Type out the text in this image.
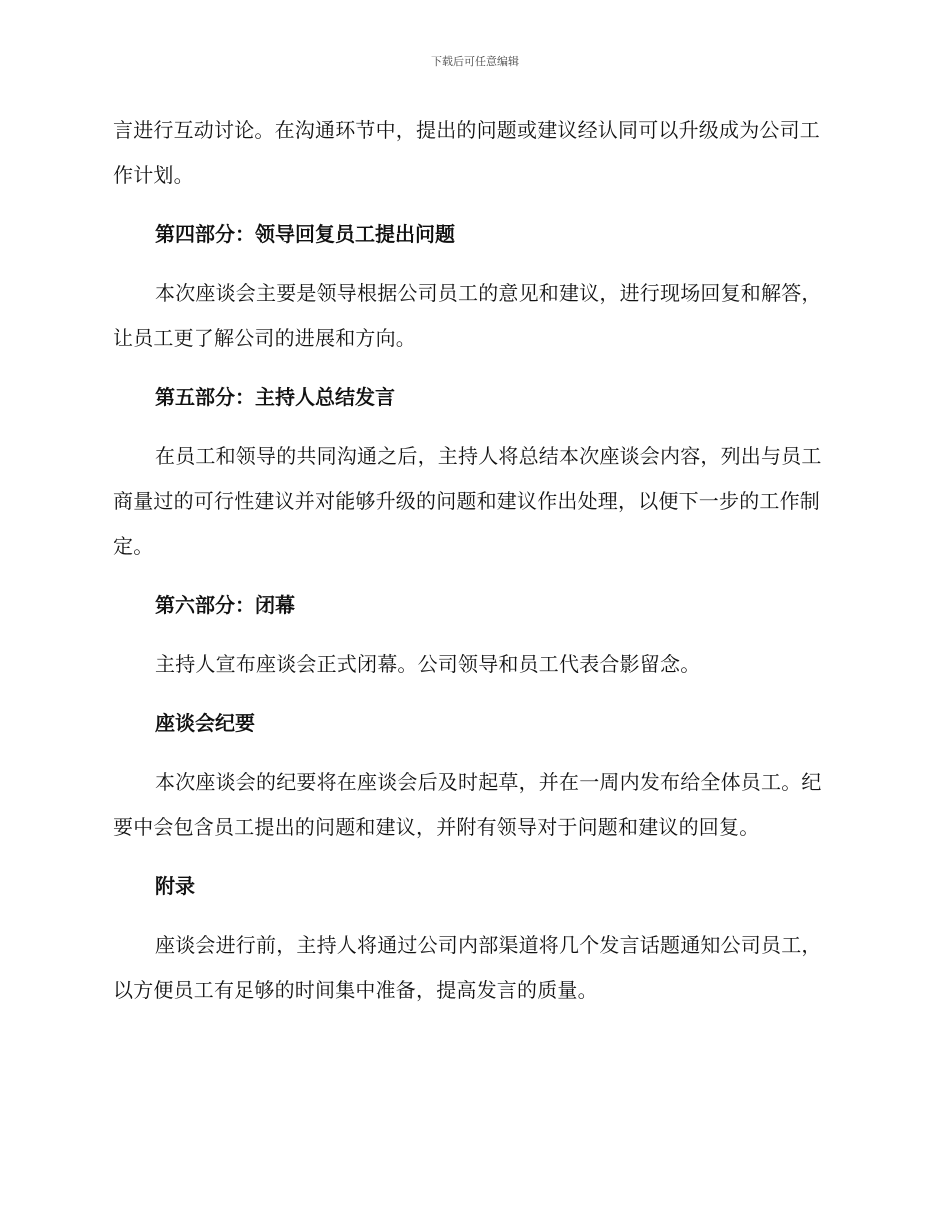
下载后可任意编辑

言进行互动讨论。在沟通环节中，提出的问题或建议经认同可以升级成为公司工作计划。

第四部分：领导回复员工提出问题

本次座谈会主要是领导根据公司员工的意见和建议，进行现场回复和解答，让员工更了解公司的进展和方向。

第五部分：主持人总结发言

在员工和领导的共同沟通之后，主持人将总结本次座谈会内容，列出与员工商量过的可行性建议并对能够升级的问题和建议作出处理，以便下一步的工作制定。

第六部分：闭幕

主持人宣布座谈会正式闭幕。公司领导和员工代表合影留念。

座谈会纪要

本次座谈会的纪要将在座谈会后及时起草，并在一周内发布给全体员工。纪要中会包含员工提出的问题和建议，并附有领导对于问题和建议的回复。

附录

座谈会进行前，主持人将通过公司内部渠道将几个发言话题通知公司员工，以方便员工有足够的时间集中准备，提高发言的质量。
